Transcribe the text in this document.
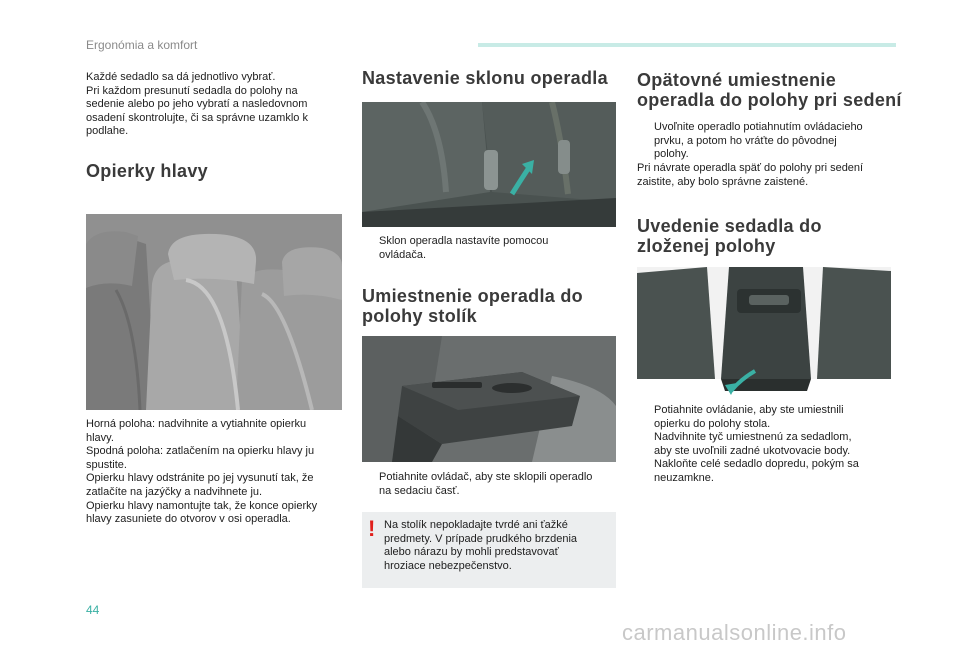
Ergonómia a komfort
Každé sedadlo sa dá jednotlivo vybrať.
Pri každom presunutí sedadla do polohy na
sedenie alebo po jeho vybratí a nasledovnom
osadení skontrolujte, či sa správne uzamklo k
podlahe.
Opierky hlavy
Horná poloha: nadvihnite a vytiahnite opierku
hlavy.
Spodná poloha: zatlačením na opierku hlavy ju
spustite.
Opierku hlavy odstránite po jej vysunutí tak, že
zatlačíte na jazýčky a nadvihnete ju.
Opierku hlavy namontujte tak, že konce opierky
hlavy zasuniete do otvorov v osi operadla.
Nastavenie sklonu operadla
Sklon operadla nastavíte pomocou
ovládača.
Umiestnenie operadla do
polohy stolík
Potiahnite ovládač, aby ste sklopili operadlo
na sedaciu časť.
! Na stolík nepokladajte tvrdé ani ťažké
predmety. V prípade prudkého brzdenia
alebo nárazu by mohli predstavovať
hroziace nebezpečenstvo.
Opätovné umiestnenie
operadla do polohy pri sedení
Uvoľnite operadlo potiahnutím ovládacieho
prvku, a potom ho vráťte do pôvodnej
polohy.
Pri návrate operadla späť do polohy pri sedení
zaistite, aby bolo správne zaistené.
Uvedenie sedadla do
zloženej polohy
Potiahnite ovládanie, aby ste umiestnili
opierku do polohy stola.
Nadvihnite tyč umiestnenú za sedadlom,
aby ste uvoľnili zadné ukotvovacie body.
Nakloňte celé sedadlo dopredu, pokým sa
neuzamkne.
44
carmanualsonline.info
